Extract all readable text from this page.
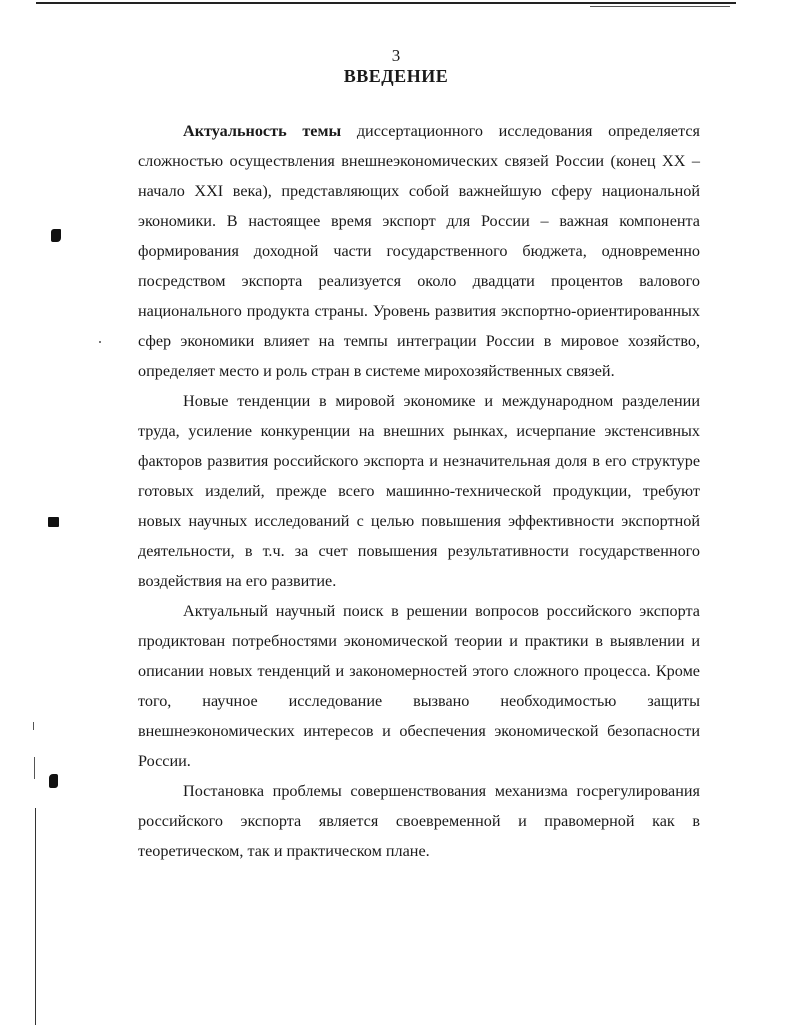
3
ВВЕДЕНИЕ

Актуальность темы диссертационного исследования определяется сложностью осуществления внешнеэкономических связей России (конец XX – начало XXI века), представляющих собой важнейшую сферу национальной экономики. В настоящее время экспорт для России – важная компонента формирования доходной части государственного бюджета, одновременно посредством экспорта реализуется около двадцати процентов валового национального продукта страны. Уровень развития экспортно-ориентированных сфер экономики влияет на темпы интеграции России в мировое хозяйство, определяет место и роль стран в системе мирохозяйственных связей.

Новые тенденции в мировой экономике и международном разделении труда, усиление конкуренции на внешних рынках, исчерпание экстенсивных факторов развития российского экспорта и незначительная доля в его структуре готовых изделий, прежде всего машинно-технической продукции, требуют новых научных исследований с целью повышения эффективности экспортной деятельности, в т.ч. за счет повышения результативности государственного воздействия на его развитие.

Актуальный научный поиск в решении вопросов российского экспорта продиктован потребностями экономической теории и практики в выявлении и описании новых тенденций и закономерностей этого сложного процесса. Кроме того, научное исследование вызвано необходимостью защиты внешнеэкономических интересов и обеспечения экономической безопасности России.

Постановка проблемы совершенствования механизма госрегулирования российского экспорта является своевременной и правомерной как в теоретическом, так и практическом плане.
